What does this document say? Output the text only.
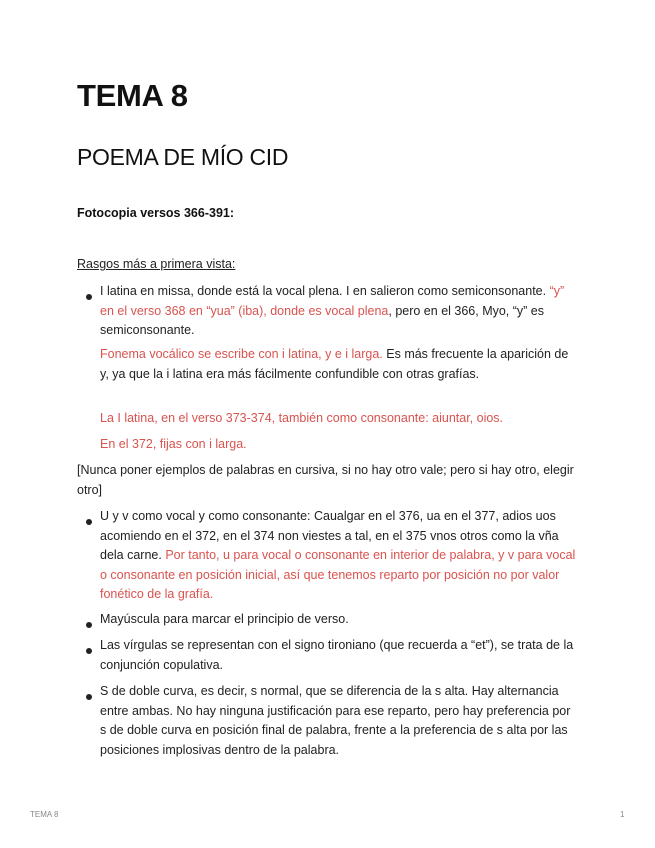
TEMA 8
POEMA DE MÍO CID

Fotocopia versos 366-391:

Rasgos más a primera vista:

I latina en missa, donde está la vocal plena. I en salieron como semiconsonante. “y” en el verso 368 en “yua” (iba), donde es vocal plena, pero en el 366, Myo, “y” es semiconsonante.
Fonema vocálico se escribe con i latina, y e i larga. Es más frecuente la aparición de y, ya que la i latina era más fácilmente confundible con otras grafías.
La I latina, en el verso 373-374, también como consonante: aiuntar, oios.
En el 372, fijas con i larga.
[Nunca poner ejemplos de palabras en cursiva, si no hay otro vale; pero si hay otro, elegir otro]
U y v como vocal y como consonante: Caualgar en el 376, ua en el 377, adios uos acomiendo en el 372, en el 374 non viestes a tal, en el 375 vnos otros como la vña dela carne. Por tanto, u para vocal o consonante en interior de palabra, y v para vocal o consonante en posición inicial, así que tenemos reparto por posición no por valor fonético de la grafía.
Mayúscula para marcar el principio de verso.
Las vírgulas se representan con el signo tironiano (que recuerda a “et”), se trata de la conjunción copulativa.
S de doble curva, es decir, s normal, que se diferencia de la s alta. Hay alternancia entre ambas. No hay ninguna justificación para ese reparto, pero hay preferencia por s de doble curva en posición final de palabra, frente a la preferencia de s alta por las posiciones implosivas dentro de la palabra.
TEMA 8	1
